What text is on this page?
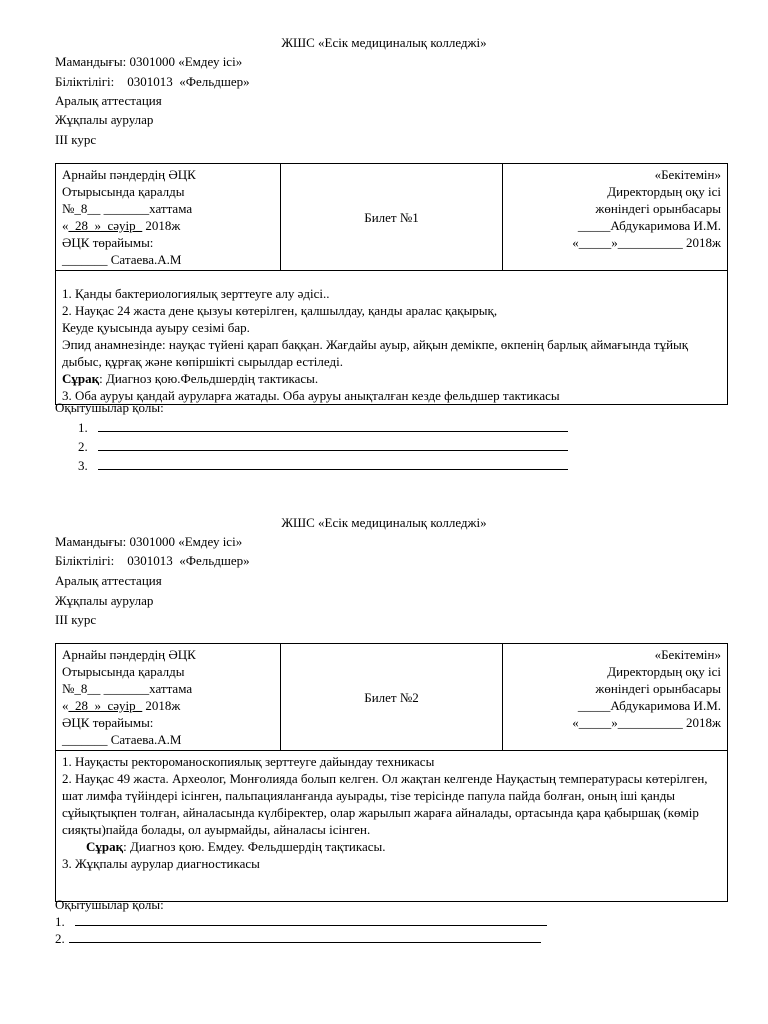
ЖШС «Есік медициналық колледжі»
Мамандығы: 0301000 «Емдеу ісі»
Біліктілігі:    0301013  «Фельдшер»
Аралық аттестация
Жұқпалы аурулар
ІІІ курс
Арнайы пәндердің ӘЦК
Отырысында қаралды
№_8__ _______хаттама
«_28_»_сәуір_ 2018ж
ӘЦК төрайымы:
_______ Сатаева.А.М
	Билет №1	
«Бекітемін»
Директордың оқу ісі
жөніндегі орынбасары
_____Абдукаримова И.М.
«_____»__________ 2018ж

1. Қанды бактериологиялық зерттеуге алу әдісі..
2. Науқас 24 жаста дене қызуы көтерілген, қалшылдау, қанды аралас қақырық,
Кеуде қуысында ауыру сезімі бар.
Эпид анамнезінде: науқас түйені қарап баққан. Жағдайы ауыр, айқын демікпе, өкпенің барлық аймағында тұйық дыбыс, құрғақ және көпіршікті сырылдар естіледі.
Сұрақ: Диагноз қою.Фельдшердің тактикасы.
3. Оба ауруы қандай ауруларға жатады. Оба ауруы анықталған кезде фельдшер тактикасы
Оқытушылар қолы:
1.
2.
3.
ЖШС «Есік медициналық колледжі»
Мамандығы: 0301000 «Емдеу ісі»
Біліктілігі:    0301013  «Фельдшер»
Аралық аттестация
Жұқпалы аурулар
ІІІ курс
Арнайы пәндердің ӘЦК
Отырысында қаралды
№_8__ _______хаттама
«_28_»_сәуір_ 2018ж
ӘЦК төрайымы:
_______ Сатаева.А.М
	Билет №2	
«Бекітемін»
Директордың оқу ісі
жөніндегі орынбасары
_____Абдукаримова И.М.
«_____»__________ 2018ж

1. Науқасты ректороманоскопиялық зерттеуге дайындау техникасы
2. Науқас 49 жаста. Археолог, Монғолияда болып келген. Ол жақтан келгенде Науқастың температурасы көтерілген, шат лимфа түйіндері ісінген, пальпацияланғанда ауырады, тізе терісінде папула пайда болған, оның іші қанды сұйықтықпен толған, айналасында күлбіректер, олар жарылып жараға айналады, ортасында қара қабыршақ (көмір сияқты)пайда болады, ол ауырмайды, айналасы ісінген.
Сұрақ: Диагноз қою. Емдеу. Фельдшердің тақтикасы.
3. Жұқпалы аурулар диагностикасы
Оқытушылар қолы:
1.
2.
